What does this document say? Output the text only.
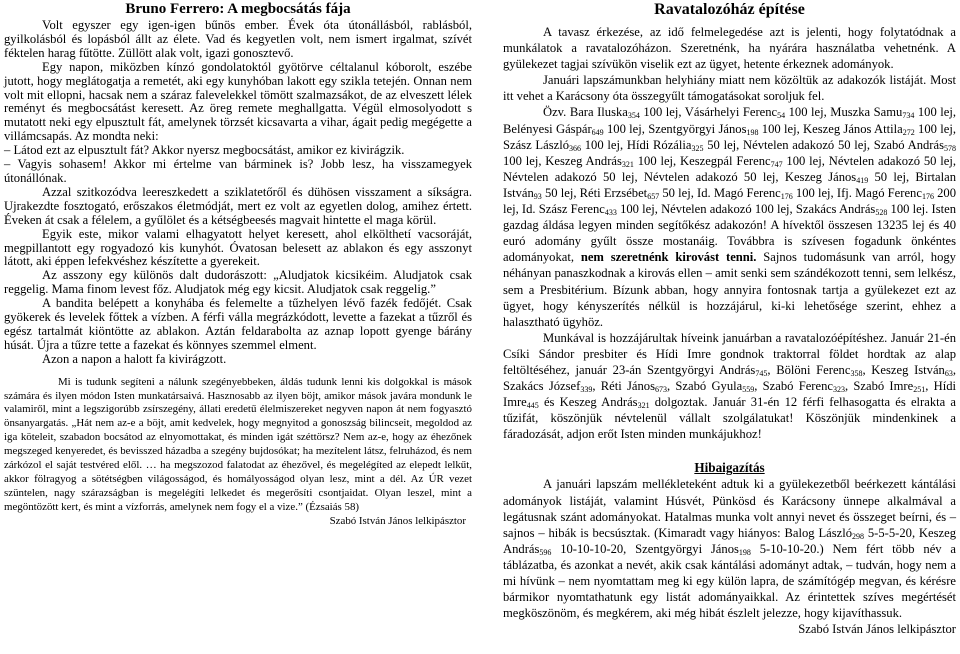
Bruno Ferrero: A megbocsátás fája

Volt egyszer egy igen-igen bűnös ember. Évek óta útonállásból, rablásból, gyilkolásból és lopásból állt az élete. Vad és kegyetlen volt, nem ismert irgalmat, szívét féktelen harag fűtötte. Züllött alak volt, igazi gonosztevő.

Egy napon, miközben kínzó gondolatoktól gyötörve céltalanul kóborolt, eszébe jutott, hogy meglátogatja a remetét, aki egy kunyhóban lakott egy szikla tetején. Onnan nem volt mit ellopni, hacsak nem a száraz falevelekkel tömött szalmazsákot, de az elveszett lélek reményt és megbocsátást keresett. Az öreg remete meghallgatta. Végül elmosolyodott s mutatott neki egy elpusztult fát, amelynek törzsét kicsavarta a vihar, ágait pedig megégette a villámcsapás. Az mondta neki:

– Látod ezt az elpusztult fát? Akkor nyersz megbocsátást, amikor ez kivirágzik.

– Vagyis sohasem! Akkor mi értelme van bárminek is? Jobb lesz, ha visszamegyek útonállónak.

Azzal szitkozódva leereszkedett a sziklatetőről és dühösen visszament a síkságra. Ujrakezdte fosztogató, erőszakos életmódját, mert ez volt az egyetlen dolog, amihez értett. Éveken át csak a félelem, a gyűlölet és a kétségbeesés magvait hintette el maga körül.

Egyik este, mikor valami elhagyatott helyet keresett, ahol elkölthetí vacsoráját, megpillantott egy rogyadozó kis kunyhót. Óvatosan belesett az ablakon és egy asszonyt látott, aki éppen lefekvéshez készítette a gyerekeit.

Az asszony egy különös dalt dudorászott: „Aludjatok kicsikéim. Aludjatok csak reggelig. Mama finom levest főz. Aludjatok még egy kicsit. Aludjatok csak reggelig.”

A bandita belépett a konyhába és felemelte a tűzhelyen lévő fazék fedőjét. Csak gyökerek és levelek főttek a vízben. A férfi válla megrázkódott, levette a fazekat a tűzről és egész tartalmát kiöntötte az ablakon. Aztán feldarabolta az aznap lopott gyenge bárány húsát. Újra a tűzre tette a fazekat és könnyes szemmel elment.

Azon a napon a halott fa kivirágzott.

Mi is tudunk segíteni a nálunk szegényebbeken, áldás tudunk lenni kis dolgokkal is mások számára és ilyen módon Isten munkatársaivá. Hasznosabb az ilyen böjt, amikor mások javára mondunk le valamiről, mint a legszigorúbb zsírszegény, állati eredetű élelmiszereket negyven napon át nem fogyasztó önsanyargatás. „Hát nem az-e a böjt, amit kedvelek, hogy megnyitod a gonoszság bilincseit, megoldod az iga köteleit, szabadon bocsátod az elnyomottakat, és minden igát széttörsz? Nem az-e, hogy az éhezőnek megszeged kenyeredet, és bevisszed házadba a szegény bujdosókat; ha mezítelent látsz, felruházod, és nem zárkózol el saját testvéred elől. … ha megszozod falatodat az éhezővel, és megelégíted az elepedt lelkűt, akkor fölragyog a sötétségben világosságod, és homályosságod olyan lesz, mint a dél. Az ÚR vezet szüntelen, nagy szárazságban is megelégíti lelkedet és megerősíti csontjaidat. Olyan leszel, mint a megöntözött kert, és mint a vízforrás, amelynek nem fogy el a vize.” (Ézsaiás 58)

Szabó István János lelkipásztor

Ravatalozóház építése

A tavasz érkezése, az idő felmelegedése azt is jelenti, hogy folytatódnak a munkálatok a ravatalozóházon. Szeretnénk, ha nyárára használatba vehetnénk. A gyülekezet tagjai szívükön viselik ezt az ügyet, hetente érkeznek adományok.

Januári lapszámunkban helyhiány miatt nem közöltük az adakozók listáját. Most itt vehet a Karácsony óta összegyűlt támogatásokat soroljuk fel.

Özv. Bara Iluska$_{354}$ 100 lej, Vásárhelyi Ferenc$_{54}$ 100 lej, Muszka Samu$_{734}$ 100 lej, Belényesi Gáspár$_{649}$ 100 lej, Szentgyörgyi János$_{198}$ 100 lej, Keszeg János Attila$_{272}$ 100 lej, Szász László$_{366}$ 100 lej, Hídi Rózália$_{325}$ 50 lej, Névtelen adakozó 50 lej, Szabó András$_{578}$ 100 lej, Keszeg András$_{321}$ 100 lej, Keszegpál Ferenc$_{747}$ 100 lej, Névtelen adakozó 50 lej, Névtelen adakozó 50 lej, Névtelen adakozó 50 lej, Keszeg János$_{419}$ 50 lej, Birtalan István$_{93}$ 50 lej, Réti Erzsébet$_{657}$ 50 lej, Id. Magó Ferenc$_{176}$ 100 lej, Ifj. Magó Ferenc$_{176}$ 200 lej, Id. Szász Ferenc$_{433}$ 100 lej, Névtelen adakozó 100 lej, Szakács András$_{528}$ 100 lej. Isten gazdag áldása legyen minden segítőkész adakozón! A hívektől összesen 13235 lej és 40 euró adomány gyűlt össze mostanáig. Továbbra is szívesen fogadunk önkéntes adományokat, nem szeretnénk kirovást tenni. Sajnos tudomásunk van arról, hogy néhányan panaszkodnak a kirovás ellen – amit senki sem szándékozott tenni, sem lelkész, sem a Presbitérium. Bízunk abban, hogy annyira fontosnak tartja a gyülekezet ezt az ügyet, hogy kényszerítés nélkül is hozzájárul, ki-ki lehetősége szerint, ehhez a halasztható ügyhöz.

Munkával is hozzájárultak híveink januárban a ravatalozóépítéshez. Január 21-én Csíki Sándor presbiter és Hídi Imre gondnok traktorral földet hordtak az alap feltöltéséhez, január 23-án Szentgyörgyi András$_{745}$, Bölöni Ferenc$_{358}$, Keszeg István$_{63}$, Szakács József$_{339}$, Réti János$_{673}$, Szabó Gyula$_{559}$, Szabó Ferenc$_{323}$, Szabó Imre$_{251}$, Hídi Imre$_{445}$ és Keszeg András$_{321}$ dolgoztak. Január 31-én 12 férfi felhasogatta és elrakta a tűzifát, köszönjük névtelenül vállalt szolgálatukat! Köszönjük mindenkinek a fáradozását, adjon erőt Isten minden munkájukhoz!

Hibaigazítás

A januári lapszám mellékleteként adtuk ki a gyülekezetből beérkezett kántálási adományok listáját, valamint Húsvét, Pünkösd és Karácsony ünnepe alkalmával a legátusnak szánt adományokat. Hatalmas munka volt annyi nevet és összeget beírni, és – sajnos – hibák is becsúsztak. (Kimaradt vagy hiányos: Balog László$_{298}$ 5-5-5-20, Keszeg András$_{596}$ 10-10-10-20, Szentgyörgyi János$_{198}$ 5-10-10-20.) Nem fért több név a táblázatba, és azonkat a nevét, akik csak kántálási adományt adtak, – tudván, hogy nem a mi hívünk – nem nyomtattam meg ki egy külön lapra, de számítógép megvan, és kérésre bármikor nyomtathatunk egy listát adományaikkal. Az érintettek szíves megértését megköszönöm, és megkérem, aki még hibát észlelt jelezze, hogy kijavíthassuk.
Szabó István János lelkipásztor
